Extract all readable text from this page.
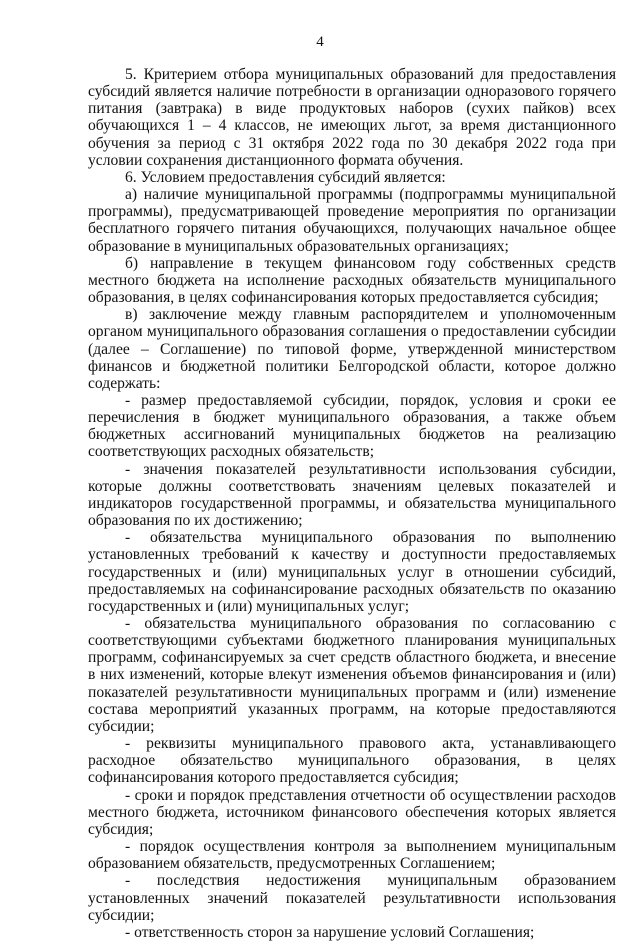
4

5. Критерием отбора муниципальных образований для предоставления субсидий является наличие потребности в организации одноразового горячего питания (завтрака) в виде продуктовых наборов (сухих пайков) всех обучающихся 1 – 4 классов, не имеющих льгот, за время дистанционного обучения за период с 31 октября 2022 года по 30 декабря 2022 года при условии сохранения дистанционного формата обучения.

6. Условием предоставления субсидий является:

а) наличие муниципальной программы (подпрограммы муниципальной программы), предусматривающей проведение мероприятия по организации бесплатного горячего питания обучающихся, получающих начальное общее образование в муниципальных образовательных организациях;

б) направление в текущем финансовом году собственных средств местного бюджета на исполнение расходных обязательств муниципального образования, в целях софинансирования которых предоставляется субсидия;

в) заключение между главным распорядителем и уполномоченным органом муниципального образования соглашения о предоставлении субсидии (далее – Соглашение) по типовой форме, утвержденной министерством финансов и бюджетной политики Белгородской области, которое должно содержать:

- размер предоставляемой субсидии, порядок, условия и сроки ее перечисления в бюджет муниципального образования, а также объем бюджетных ассигнований муниципальных бюджетов на реализацию соответствующих расходных обязательств;

- значения показателей результативности использования субсидии, которые должны соответствовать значениям целевых показателей и индикаторов государственной программы, и обязательства муниципального образования по их достижению;

- обязательства муниципального образования по выполнению установленных требований к качеству и доступности предоставляемых государственных и (или) муниципальных услуг в отношении субсидий, предоставляемых на софинансирование расходных обязательств по оказанию государственных и (или) муниципальных услуг;

- обязательства муниципального образования по согласованию с соответствующими субъектами бюджетного планирования муниципальных программ, софинансируемых за счет средств областного бюджета, и внесение в них изменений, которые влекут изменения объемов финансирования и (или) показателей результативности муниципальных программ и (или) изменение состава мероприятий указанных программ, на которые предоставляются субсидии;

- реквизиты муниципального правового акта, устанавливающего расходное обязательство муниципального образования, в целях софинансирования которого предоставляется субсидия;

- сроки и порядок представления отчетности об осуществлении расходов местного бюджета, источником финансового обеспечения которых является субсидия;

- порядок осуществления контроля за выполнением муниципальным образованием обязательств, предусмотренных Соглашением;

- последствия недостижения муниципальным образованием установленных значений показателей результативности использования субсидии;

- ответственность сторон за нарушение условий Соглашения;
